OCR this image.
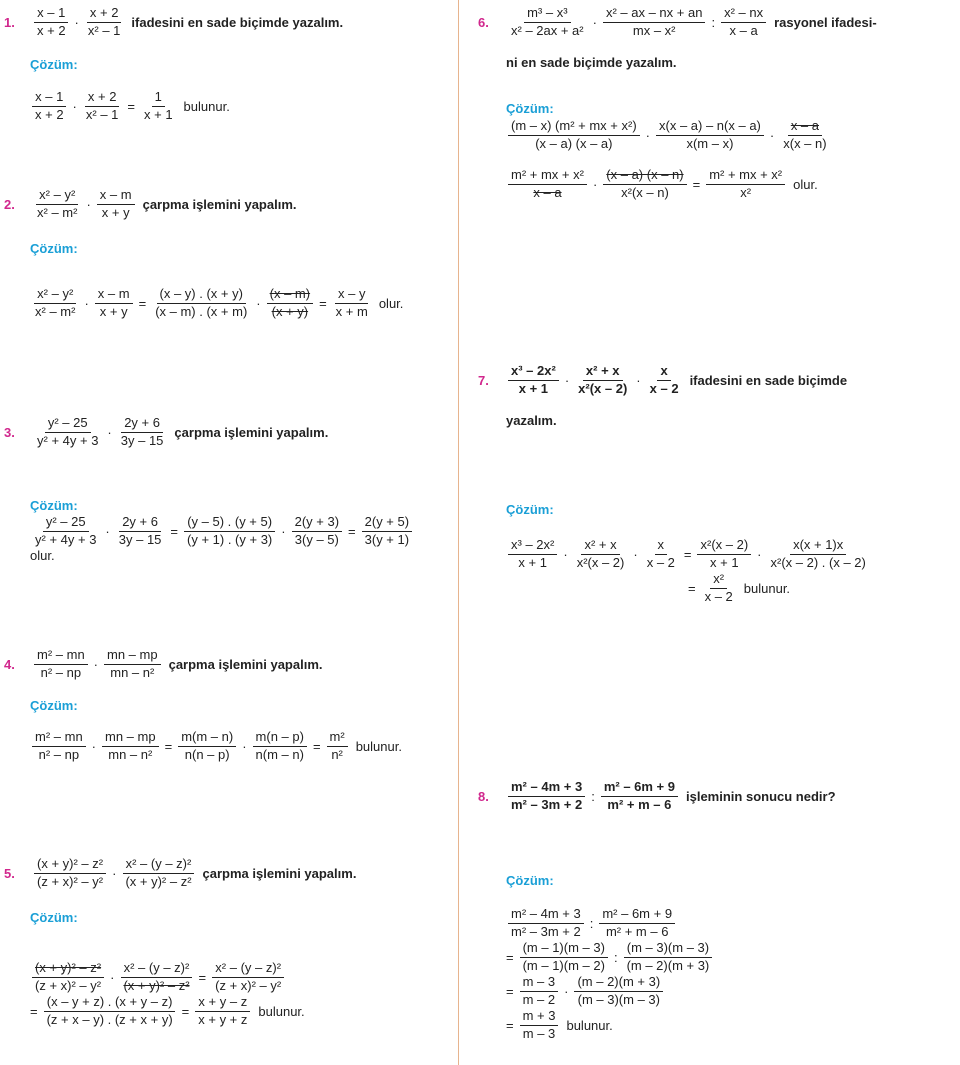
1.	$\frac{x - 1}{x + 2} \cdot \frac{x + 2}{\text{x² – 1}}$ ifadesini en sade biçimde yazalım.
Çözüm:
$\frac{x - 1}{x + 2} \cdot \frac{x + 2}{\text{x² – 1}} = \frac{1}{x + 1}$ bulunur.
2.	$\frac{\text{x² – y²}}{\text{x² – m²}} \cdot \frac{x - m}{x + y}$ çarpma işlemini yapalım.
Çözüm:
$\frac{\text{x² – y²}}{\text{x² – m²}} \cdot \frac{x - m}{x + y} = \frac{(x - y) . (x + y)}{(x - m) . (x + m)} \cdot \frac{(x - m)}{(x + y)} = \frac{x - y}{x + m}$ olur.
3.	$\frac{\text{y² – 25}}{\text{y² + 4y + 3}} \cdot \frac{2y + 6}{3y - 15}$ çarpma işlemini yapalım.
Çözüm:
$\frac{\text{y² – 25}}{\text{y² + 4y + 3}} \cdot \frac{2y + 6}{3y - 15} = \frac{(y - 5) . (y + 5)}{(y + 1) . (y + 3)} \cdot \frac{2(y + 3)}{3(y - 5)} = \frac{2(y + 5)}{3(y + 1)}$
olur.
4.	$\frac{\text{m² – mn}}{\text{n² – np}} \cdot \frac{mn - mp}{\text{mn – n²}}$ çarpma işlemini yapalım.
Çözüm:
$\frac{\text{m² – mn}}{\text{n² – np}} \cdot \frac{mn - mp}{\text{mn – n²}} = \frac{m(m - n)}{n(n - p)} \cdot \frac{m(n - p)}{n(m - n)} = \frac{\text{m²}}{\text{n²}}$ bulunur.
5.	$\frac{\text{(x + y)² – z²}}{\text{(z + x)² – y²}} \cdot \frac{\text{x² – (y – z)²}}{\text{(x + y)² – z²}}$ çarpma işlemini yapalım.
Çözüm:
$\frac{\text{(x + y)² – z²}}{\text{(z + x)² – y²}} \cdot \frac{\text{x² – (y – z)²}}{\text{(x + y)² – z²}} = \frac{\text{x² – (y – z)²}}{\text{(z + x)² – y²}}$
= $\frac{(x - y + z) . (x + y - z)}{(z + x - y) . (z + x + y)} = \frac{x + y - z}{x + y + z}$ bulunur.
6.	$\frac{\text{m³ – x³}}{\text{x² – 2ax + a²}} \cdot \frac{\text{x² – ax – nx + an}}{\text{mx – x²}}$ : $\frac{\text{x² – nx}}{x - a}$ rasyonel ifadesi-
ni en sade biçimde yazalım.
Çözüm:
$\frac{\text{(m – x) (m² + mx + x²)}}{(x - a) (x - a)} \cdot \frac{x(x - a) - n(x - a)}{x(m - x)} \cdot \frac{x - a}{x(x - n)}$
$\frac{\text{m² + mx + x²}}{x - a} \cdot \frac{(x - a) (x - n)}{\text{x²(x – n)}} = \frac{\text{m² + mx + x²}}{\text{x²}}$ olur.
7.	$\frac{\text{x³ – 2x²}}{x + 1} \cdot \frac{\text{x² + x}}{\text{x²(x – 2)}} \cdot \frac{x}{x - 2}$ ifadesini en sade biçimde
yazalım.
Çözüm:
$\frac{\text{x³ – 2x²}}{x + 1} \cdot \frac{\text{x² + x}}{\text{x²(x – 2)}} \cdot \frac{x}{x - 2} = \frac{\text{x²(x – 2)}}{x + 1} \cdot \frac{x(x + 1)x}{\text{x²(x – 2) . (x – 2)}}$
= $\frac{\text{x²}}{x - 2}$ bulunur.
8.	$\frac{\text{m² – 4m + 3}}{\text{m² – 3m + 2}}$ : $\frac{\text{m² – 6m + 9}}{\text{m² + m – 6}}$ işleminin sonucu nedir?
Çözüm:
$\frac{\text{m² – 4m + 3}}{\text{m² – 3m + 2}}$ : $\frac{\text{m² – 6m + 9}}{\text{m² + m – 6}}$
= $\frac{(m - 1)(m - 3)}{(m - 1)(m - 2)}$ : $\frac{(m - 3)(m - 3)}{(m - 2)(m + 3)}$
= $\frac{m - 3}{m - 2} \cdot \frac{(m - 2)(m + 3)}{(m - 3)(m - 3)}$
= $\frac{m + 3}{m - 3}$ bulunur.
